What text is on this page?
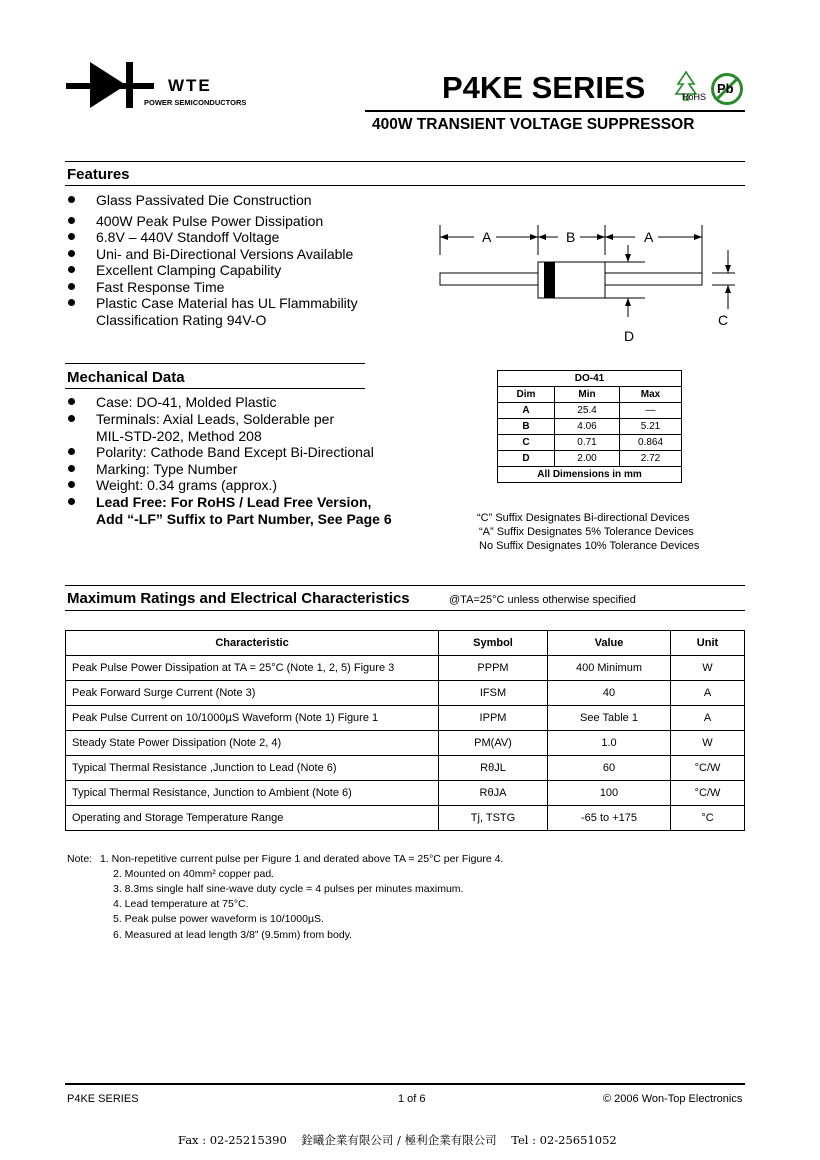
WTE
POWER SEMICONDUCTORS	P4KE SERIES	RoHS
Pb
400W TRANSIENT VOLTAGE SUPPRESSOR
Features
Glass Passivated Die Construction
400W Peak Pulse Power Dissipation
6.8V – 440V Standoff Voltage
Uni- and Bi-Directional Versions Available
Excellent Clamping Capability
Fast Response Time
Plastic Case Material has UL Flammability
Classification Rating 94V-O
A	B	A
C
D
Mechanical Data
Case: DO-41, Molded Plastic
Terminals: Axial Leads, Solderable per
MIL-STD-202, Method 208
Polarity: Cathode Band Except Bi-Directional
Marking: Type Number
Weight: 0.34 grams (approx.)
Lead Free: For RoHS / Lead Free Version,
Add “-LF” Suffix to Part Number, See Page 6
DO-41		
Dim	Min	Max
A	25.4	—
B	4.06	5.21
C	0.71	0.864
D	2.00	2.72
All Dimensions in mm		
“C” Suffix Designates Bi-directional Devices
“A” Suffix Designates 5% Tolerance Devices
No Suffix Designates 10% Tolerance Devices
Maximum Ratings and Electrical Characteristics	@TA=25°C unless otherwise specified
Characteristic	Symbol	Value	Unit
Peak Pulse Power Dissipation at TA = 25°C (Note 1, 2, 5) Figure 3	PPPM	400 Minimum	W
Peak Forward Surge Current (Note 3)	IFSM	40	A
Peak Pulse Current on 10/1000µS Waveform (Note 1) Figure 1	IPPM	See Table 1	A
Steady State Power Dissipation (Note 2, 4)	PM(AV)	1.0	W
Typical Thermal Resistance ,Junction to Lead (Note 6)	RθJL	60	°C/W
Typical Thermal Resistance, Junction to Ambient (Note 6)	RθJA	100	°C/W
Operating and Storage Temperature Range	Tj, TSTG	-65 to +175	°C
Note: 1. Non-repetitive current pulse per Figure 1 and derated above TA = 25°C per Figure 4.
2. Mounted on 40mm² copper pad.
3. 8.3ms single half sine-wave duty cycle = 4 pulses per minutes maximum.
4. Lead temperature at 75°C.
5. Peak pulse power waveform is 10/1000µS.
6. Measured at lead length 3/8” (9.5mm) from body.
P4KE SERIES	1 of 6	© 2006 Won-Top Electronics
Fax : 02-25215390    銓曦企業有限公司 / 極利企業有限公司    Tel : 02-25651052
